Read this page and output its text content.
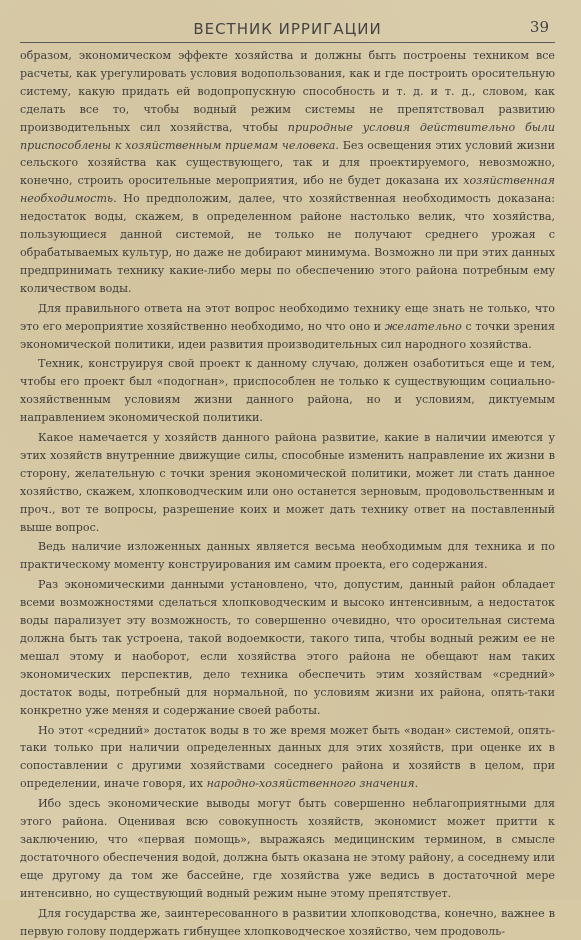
ВЕСТНИК ИРРИГАЦИИ	39

образом, экономическом эффекте хозяйства и должны быть построены техником все расчеты, как урегулировать условия водопользования, как и где построить оросительную систему, какую придать ей водопропускную способность и т. д. и т. д., словом, как сделать все то, чтобы водный режим системы не препятствовал развитию производительных сил хозяйства, чтобы природные условия действительно были приспособлены к хозяйственным приемам человека. Без освещения этих условий жизни сельского хозяйства как существующего, так и для проектируемого, невозможно, конечно, строить оросительные мероприятия, ибо не будет доказана их хозяйственная необходимость. Но предположим, далее, что хозяйственная необходимость доказана: недостаток воды, скажем, в определенном районе настолько велик, что хозяйства, пользующиеся данной системой, не только не получают среднего урожая с обрабатываемых культур, но даже не добирают минимума. Возможно ли при этих данных предпринимать технику какие-либо меры по обеспечению этого района потребным ему количеством воды.

Для правильного ответа на этот вопрос необходимо технику еще знать не только, что это его мероприятие хозяйственно необходимо, но что оно и желательно с точки зрения экономической политики, идеи развития производительных сил народного хозяйства.

Техник, конструируя свой проект к данному случаю, должен озаботиться еще и тем, чтобы его проект был «подогнан», приспособлен не только к существующим социально-хозяйственным условиям жизни данного района, но и условиям, диктуемым направлением экономической политики.

Какое намечается у хозяйств данного района развитие, какие в наличии имеются у этих хозяйств внутренние движущие силы, способные изменить направление их жизни в сторону, желательную с точки зрения экономической политики, может ли стать данное хозяйство, скажем, хлопководческим или оно останется зерновым, продовольственным и проч., вот те вопросы, разрешение коих и может дать технику ответ на поставленный выше вопрос.

Ведь наличие изложенных данных является весьма необходимым для техника и по практическому моменту конструирования им самим проекта, его содержания.

Раз экономическими данными установлено, что, допустим, данный район обладает всеми возможностями сделаться хлопководческим и высоко интенсивным, а недостаток воды парализует эту возможность, то совершенно очевидно, что оросительная система должна быть так устроена, такой водоемкости, такого типа, чтобы водный режим ее не мешал этому и наоборот, если хозяйства этого района не обещают нам таких экономических перспектив, дело техника обеспечить этим хозяйствам «средний» достаток воды, потребный для нормальной, по условиям жизни их района, опять-таки конкретно уже меняя и содержание своей работы.

Но этот «средний» достаток воды в то же время может быть «водан» системой, опять-таки только при наличии определенных данных для этих хозяйств, при оценке их в сопоставлении с другими хозяйствами соседнего района и хозяйств в целом, при определении, иначе говоря, их народно-хозяйственного значения.

Ибо здесь экономические выводы могут быть совершенно неблагоприятными для этого района. Оценивая всю совокупность хозяйств, экономист может притти к заключению, что «первая помощь», выражаясь медицинским термином, в смысле достаточного обеспечения водой, должна быть оказана не этому району, а соседнему или еще другому да том же бассейне, где хозяйства уже ведись в достаточной мере интенсивно, но существующий водный режим ныне этому препятствует.

Для государства же, заинтересованного в развитии хлопководства, конечно, важнее в первую голову поддержать гибнущее хлопководческое хозяйство, чем продоволь-
